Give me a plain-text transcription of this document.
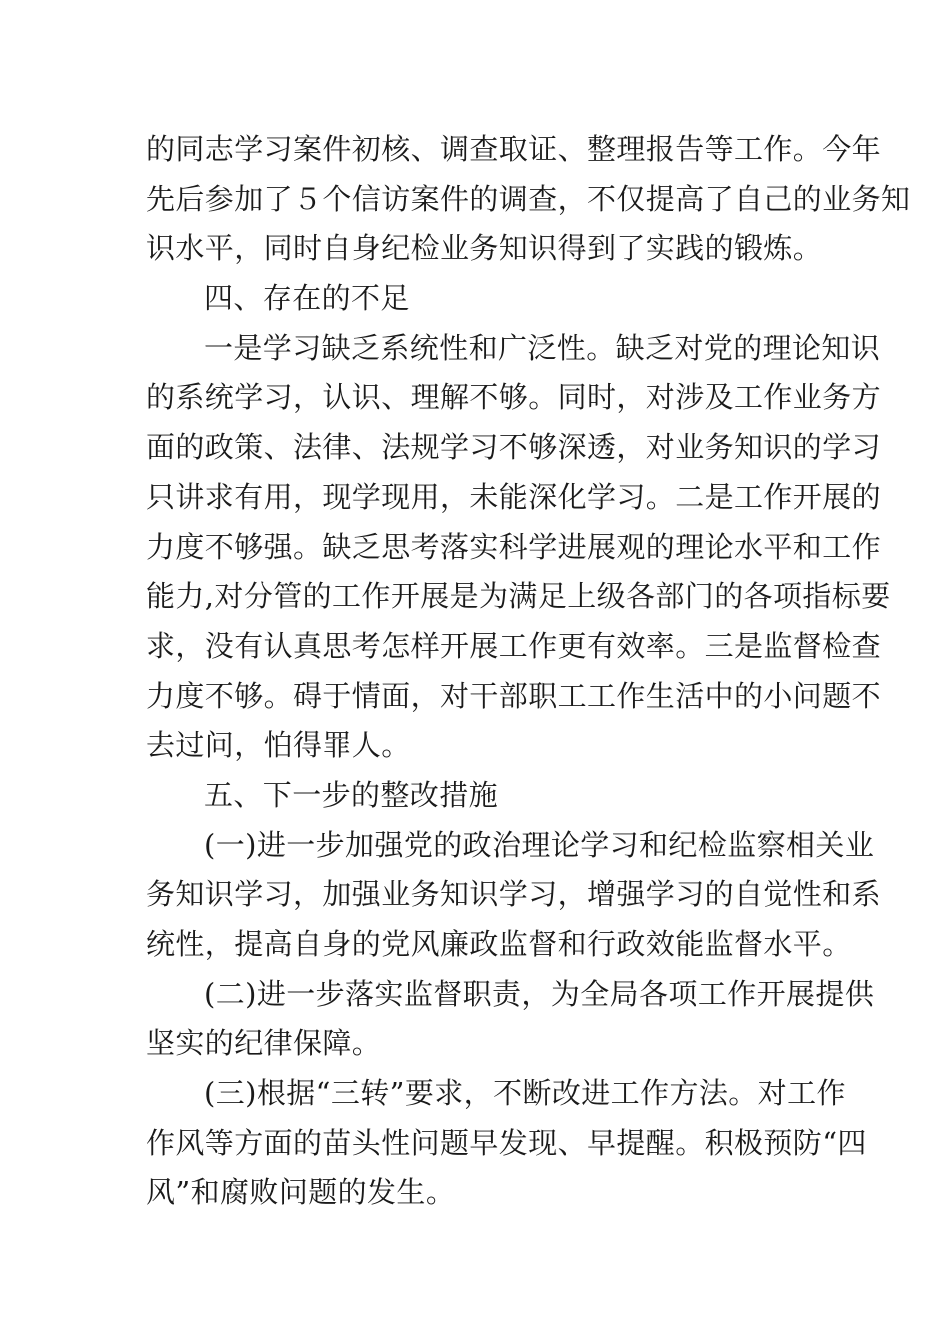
的同志学习案件初核、调查取证、整理报告等工作。今年
先后参加了５个信访案件的调查，不仅提高了自己的业务知
识水平，同时自身纪检业务知识得到了实践的锻炼。
四、存在的不足
一是学习缺乏系统性和广泛性。缺乏对党的理论知识
的系统学习，认识、理解不够。同时，对涉及工作业务方
面的政策、法律、法规学习不够深透，对业务知识的学习
只讲求有用，现学现用，未能深化学习。二是工作开展的
力度不够强。缺乏思考落实科学进展观的理论水平和工作
能力,对分管的工作开展是为满足上级各部门的各项指标要
求，没有认真思考怎样开展工作更有效率。三是监督检查
力度不够。碍于情面，对干部职工工作生活中的小问题不
去过问，怕得罪人。
五、下一步的整改措施
(一)进一步加强党的政治理论学习和纪检监察相关业
务知识学习，加强业务知识学习，增强学习的自觉性和系
统性，提高自身的党风廉政监督和行政效能监督水平。
(二)进一步落实监督职责，为全局各项工作开展提供
坚实的纪律保障。
(三)根据“三转”要求，不断改进工作方法。对工作
作风等方面的苗头性问题早发现、早提醒。积极预防“四
风”和腐败问题的发生。
